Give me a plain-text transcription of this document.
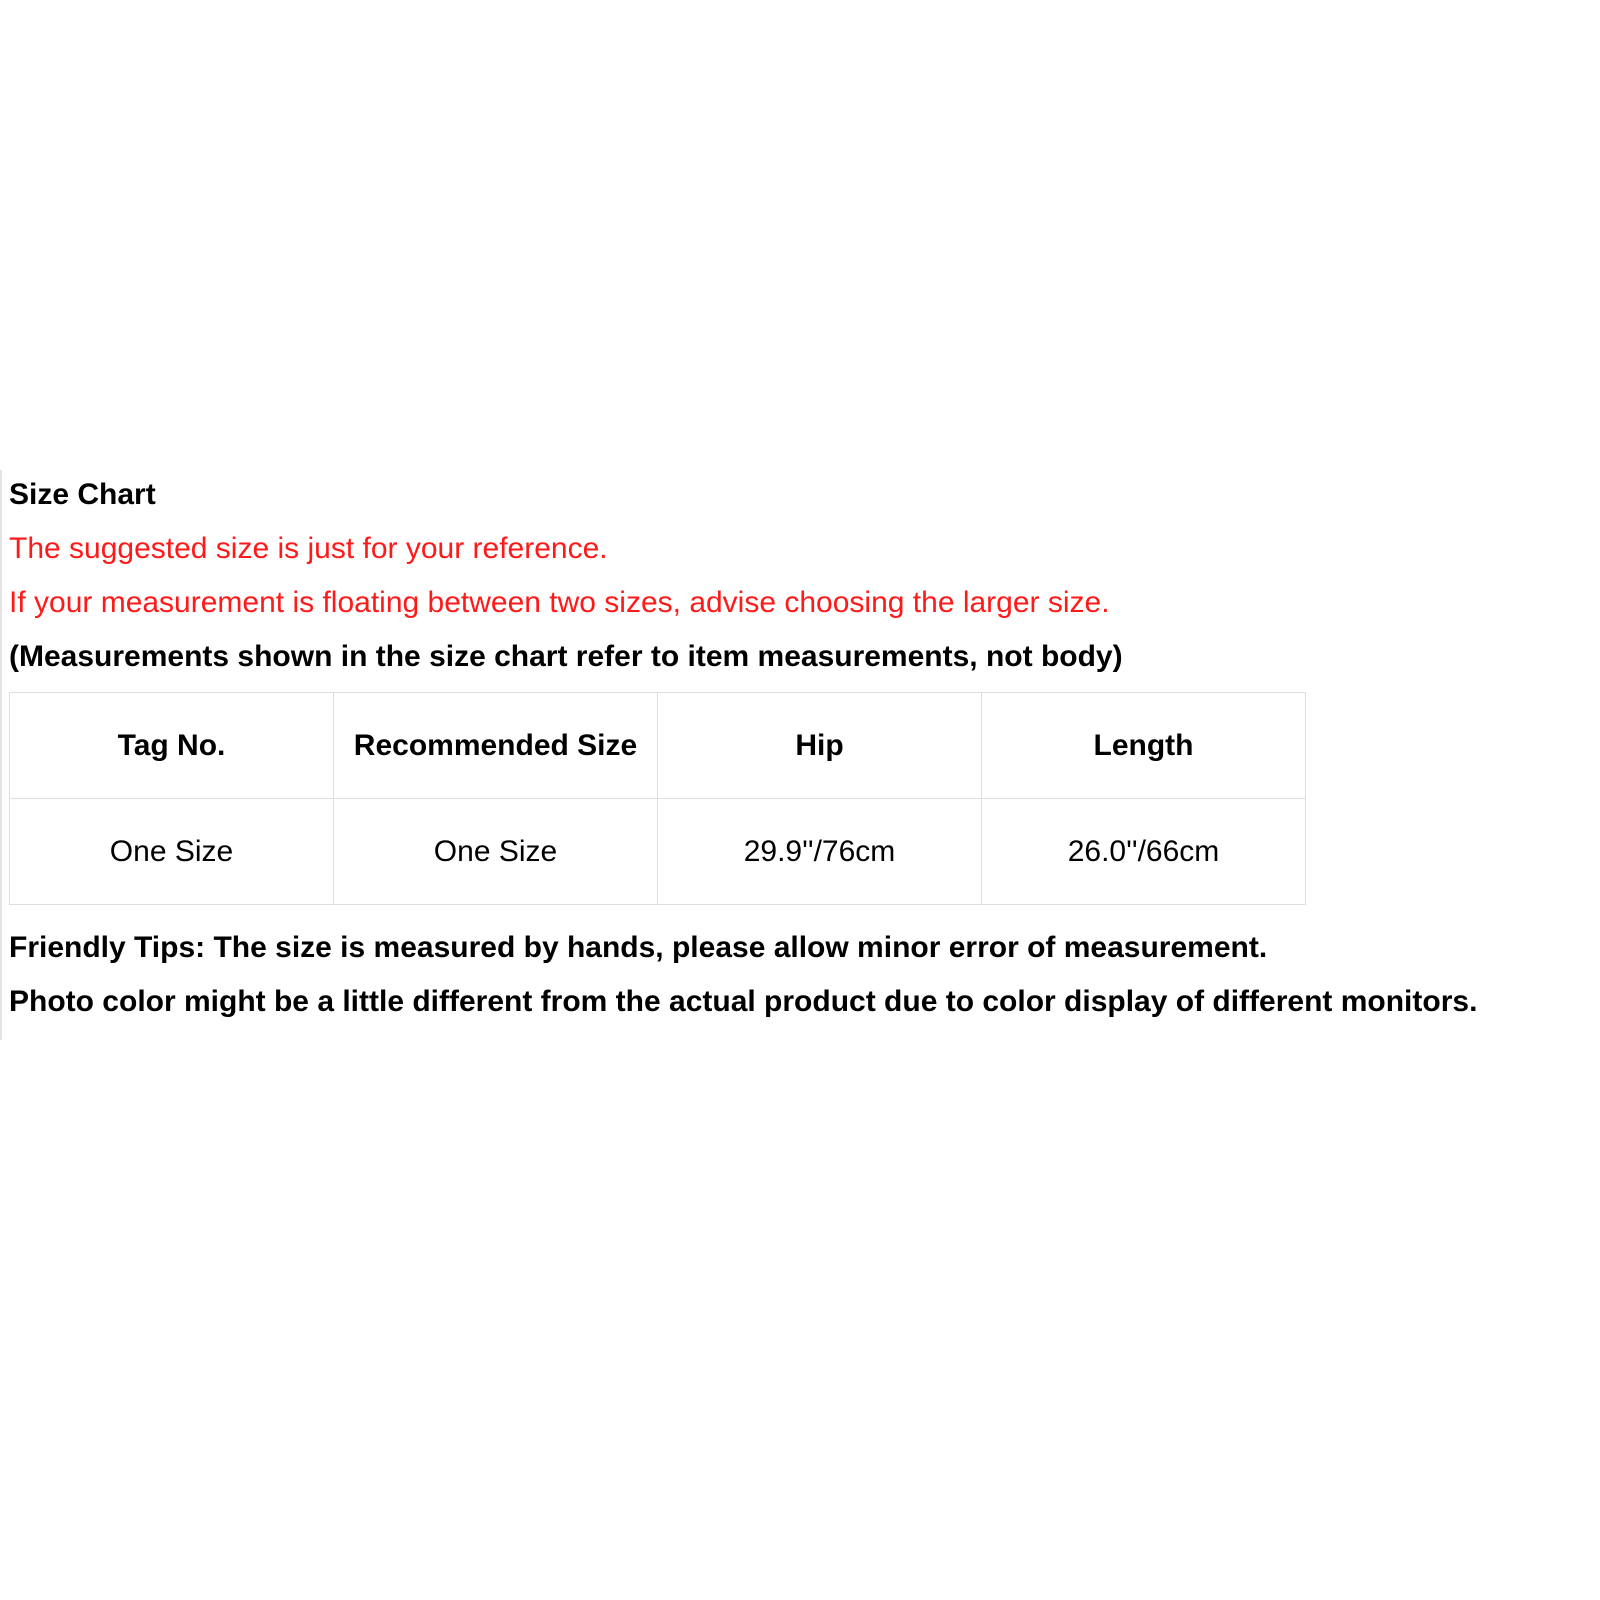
Size Chart
The suggested size is just for your reference.
If your measurement is floating between two sizes, advise choosing the larger size.
(Measurements shown in the size chart refer to item measurements, not body)
Tag No.	Recommended Size	Hip	Length
One Size	One Size	29.9''/76cm	26.0''/66cm
Friendly Tips: The size is measured by hands, please allow minor error of measurement.
Photo color might be a little different from the actual product due to color display of different monitors.
